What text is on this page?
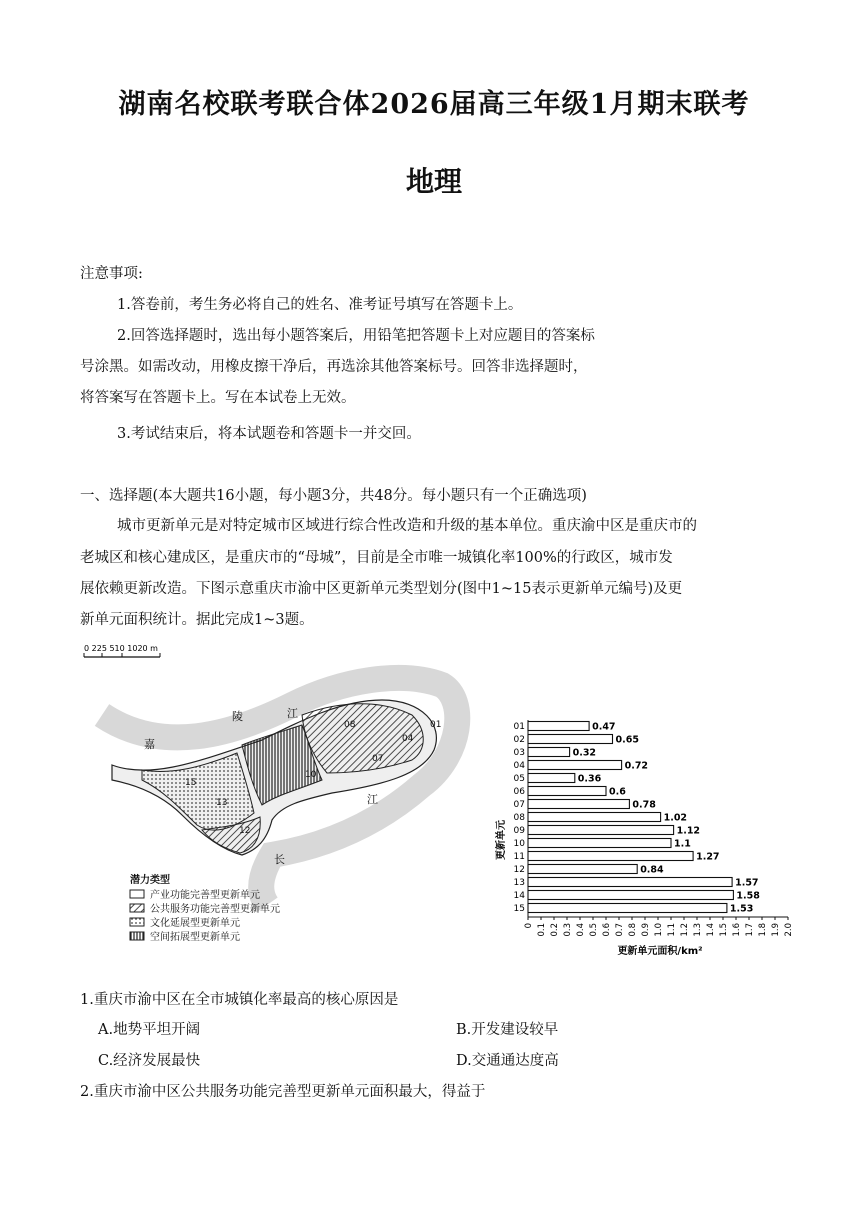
湖南名校联考联合体2026届高三年级1月期末联考
地理
注意事项:
1.答卷前，考生务必将自己的姓名、准考证号填写在答题卡上。
2.回答选择题时，选出每小题答案后，用铅笔把答题卡上对应题目的答案标
号涂黑。如需改动，用橡皮擦干净后，再选涂其他答案标号。回答非选择题时，
将答案写在答题卡上。写在本试卷上无效。
3.考试结束后，将本试题卷和答题卡一并交回。
一、选择题(本大题共16小题，每小题3分，共48分。每小题只有一个正确选项)
城市更新单元是对特定城市区域进行综合性改造和升级的基本单位。重庆渝中区是重庆市的
老城区和核心建成区，是重庆市的“母城”，目前是全市唯一城镇化率100%的行政区，城市发
展依赖更新改造。下图示意重庆市渝中区更新单元类型划分(图中1~15表示更新单元编号)及更
新单元面积统计。据此完成1~3题。
0 225 510 1020 m
01
08
04
07
10
13
12
15
嘉
陵	江
长
江
潜力类型
产业功能完善型更新单元
公共服务功能完善型更新单元
文化延展型更新单元
空间拓展型更新单元
01	0.47
02	0.65
03	0.32
04	0.72
05	0.36
06	0.6
07	0.78
08	1.02
09	1.12
10	1.1
11	1.27
12	0.84
13	1.57
14	1.58
15	1.53
0 0.1 0.2 0.3 0.4 0.5 0.6 0.7 0.8 0.9 1.0 1.1 1.2 1.3 1.4 1.5 1.6 1.7 1.8 1.9 2.0
更新单元
更新单元面积/km²
1.重庆市渝中区在全市城镇化率最高的核心原因是
A.地势平坦开阔	B.开发建设较早
C.经济发展最快	D.交通通达度高
2.重庆市渝中区公共服务功能完善型更新单元面积最大，得益于
